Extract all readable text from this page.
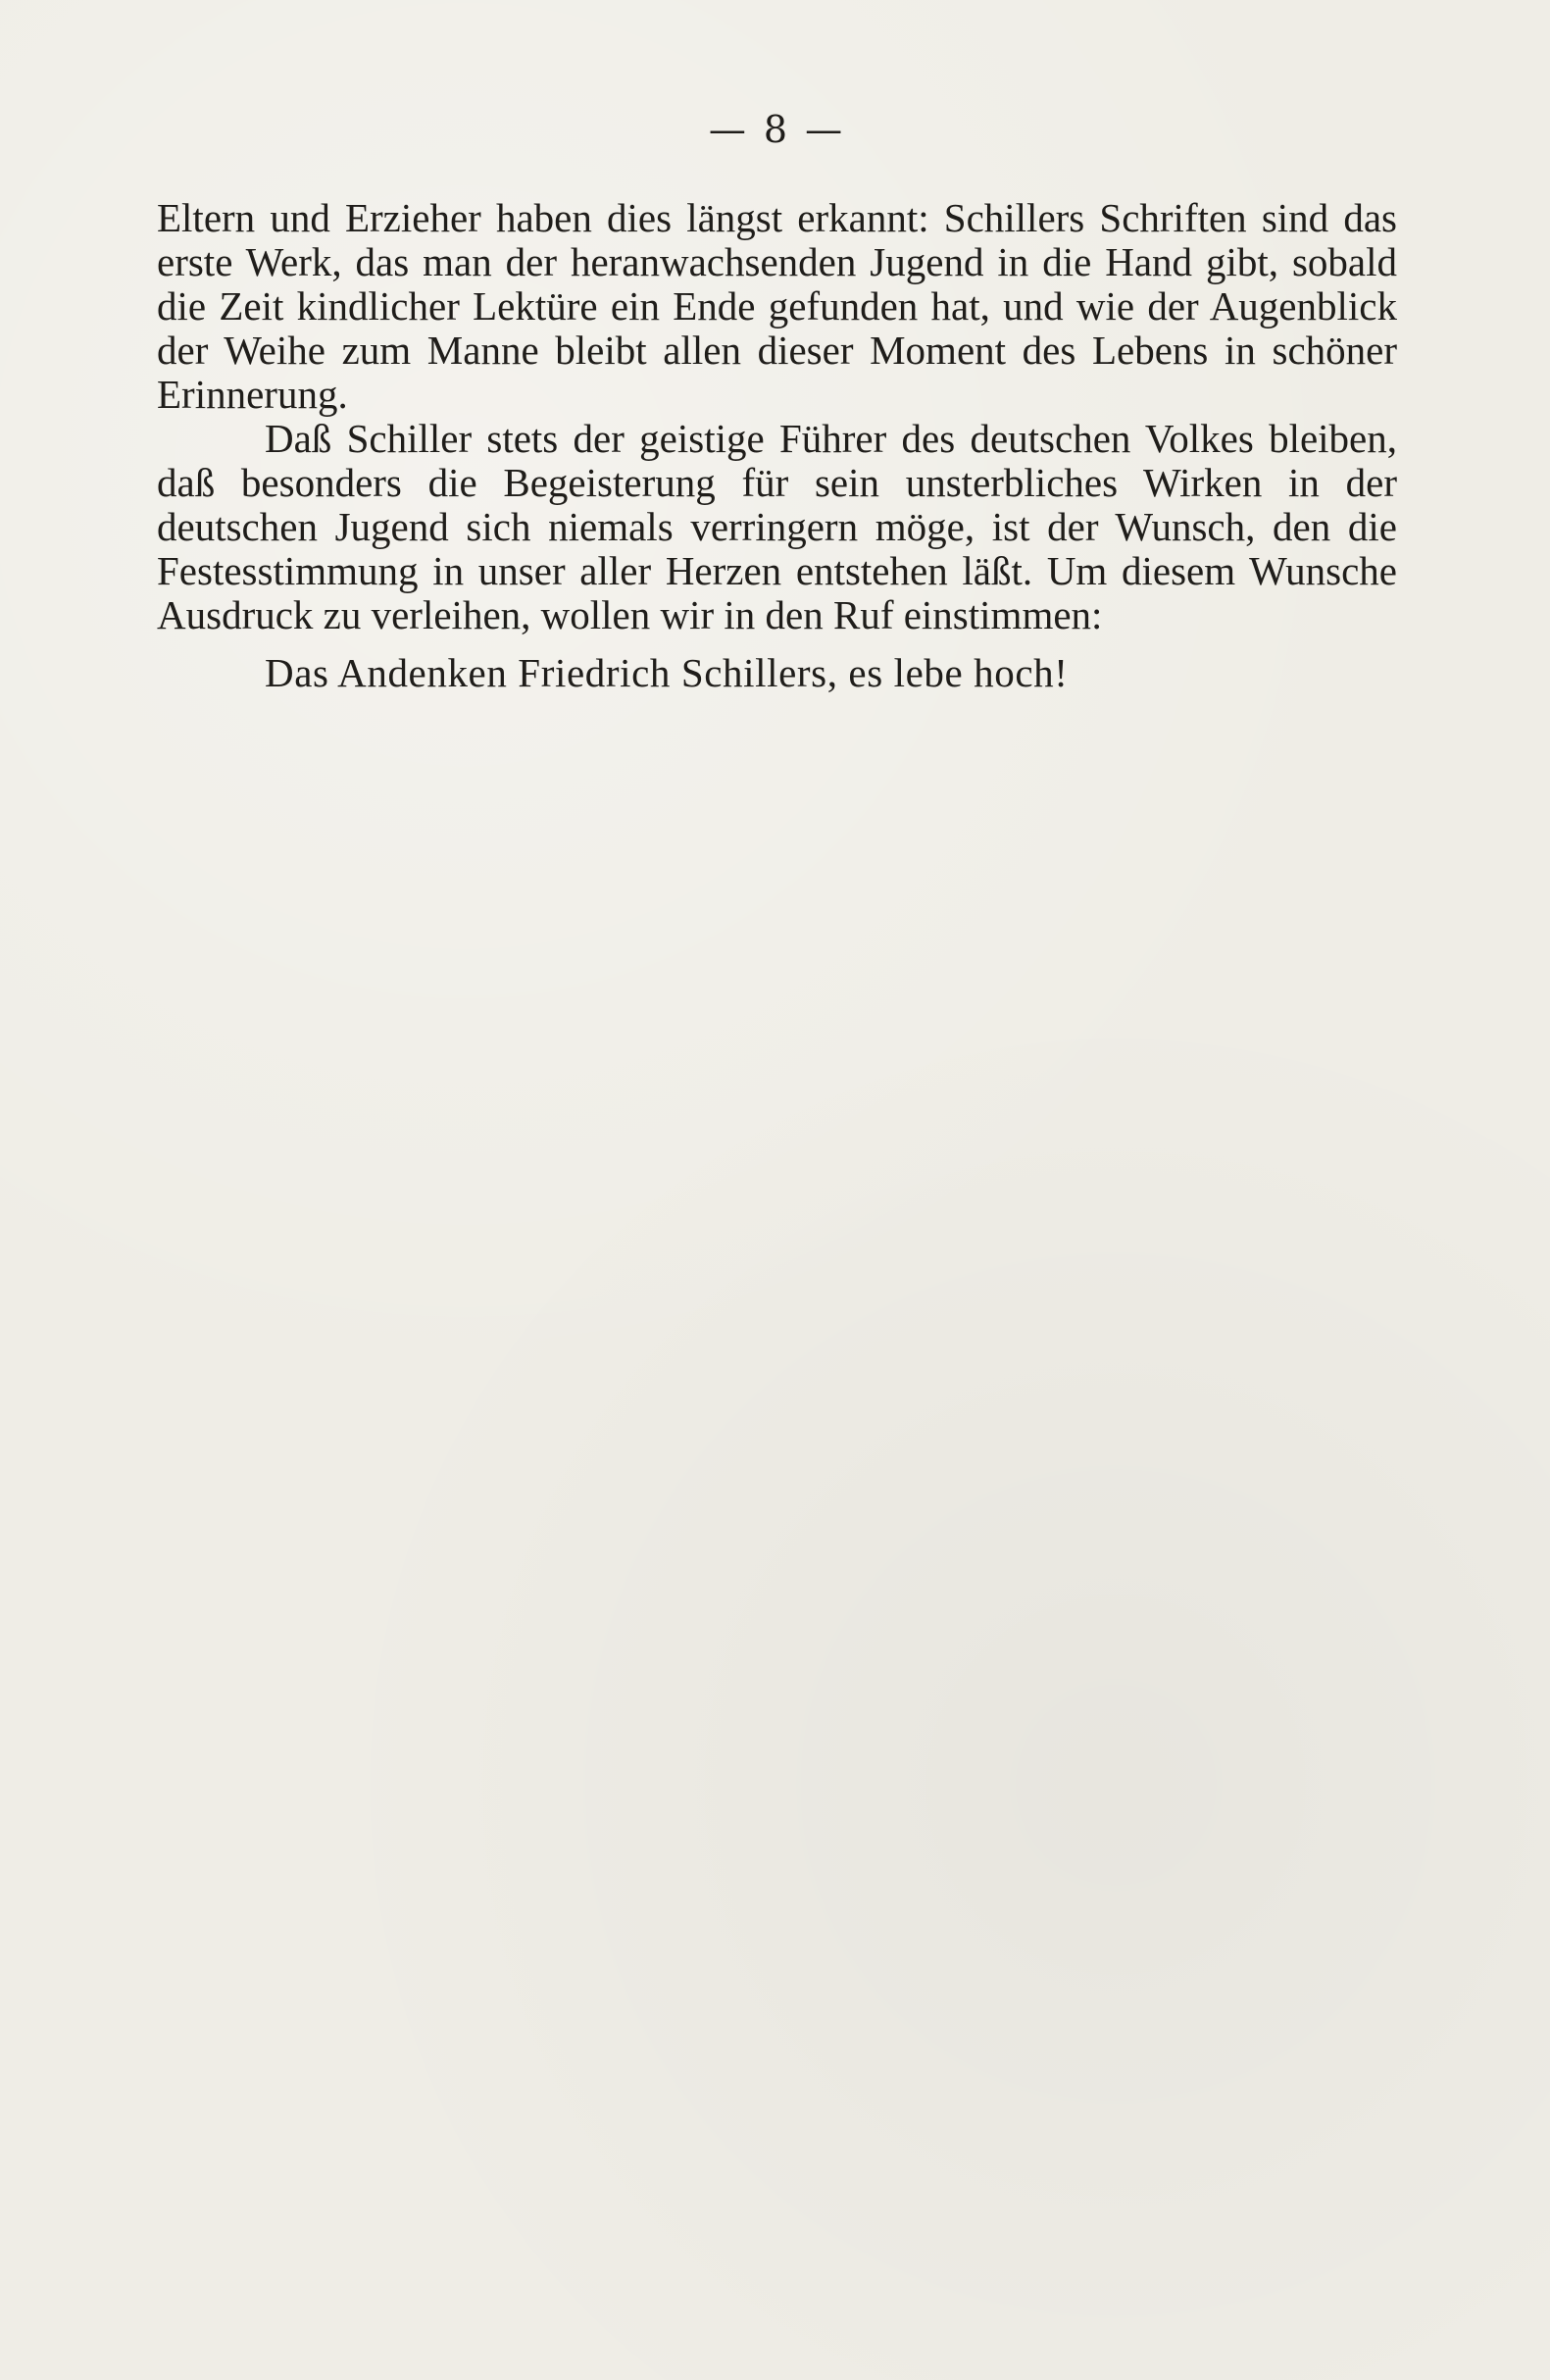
— 8 —

Eltern und Erzieher haben dies längst erkannt: Schillers Schriften sind das erste Werk, das man der heranwachsenden Jugend in die Hand gibt, sobald die Zeit kindlicher Lektüre ein Ende gefunden hat, und wie der Augenblick der Weihe zum Manne bleibt allen dieser Moment des Lebens in schöner Erinnerung.

Daß Schiller stets der geistige Führer des deutschen Volkes bleiben, daß besonders die Begeisterung für sein unsterbliches Wirken in der deutschen Jugend sich niemals verringern möge, ist der Wunsch, den die Festesstimmung in unser aller Herzen entstehen läßt. Um diesem Wunsche Ausdruck zu verleihen, wollen wir in den Ruf einstimmen:

Das Andenken Friedrich Schillers, es lebe hoch!
